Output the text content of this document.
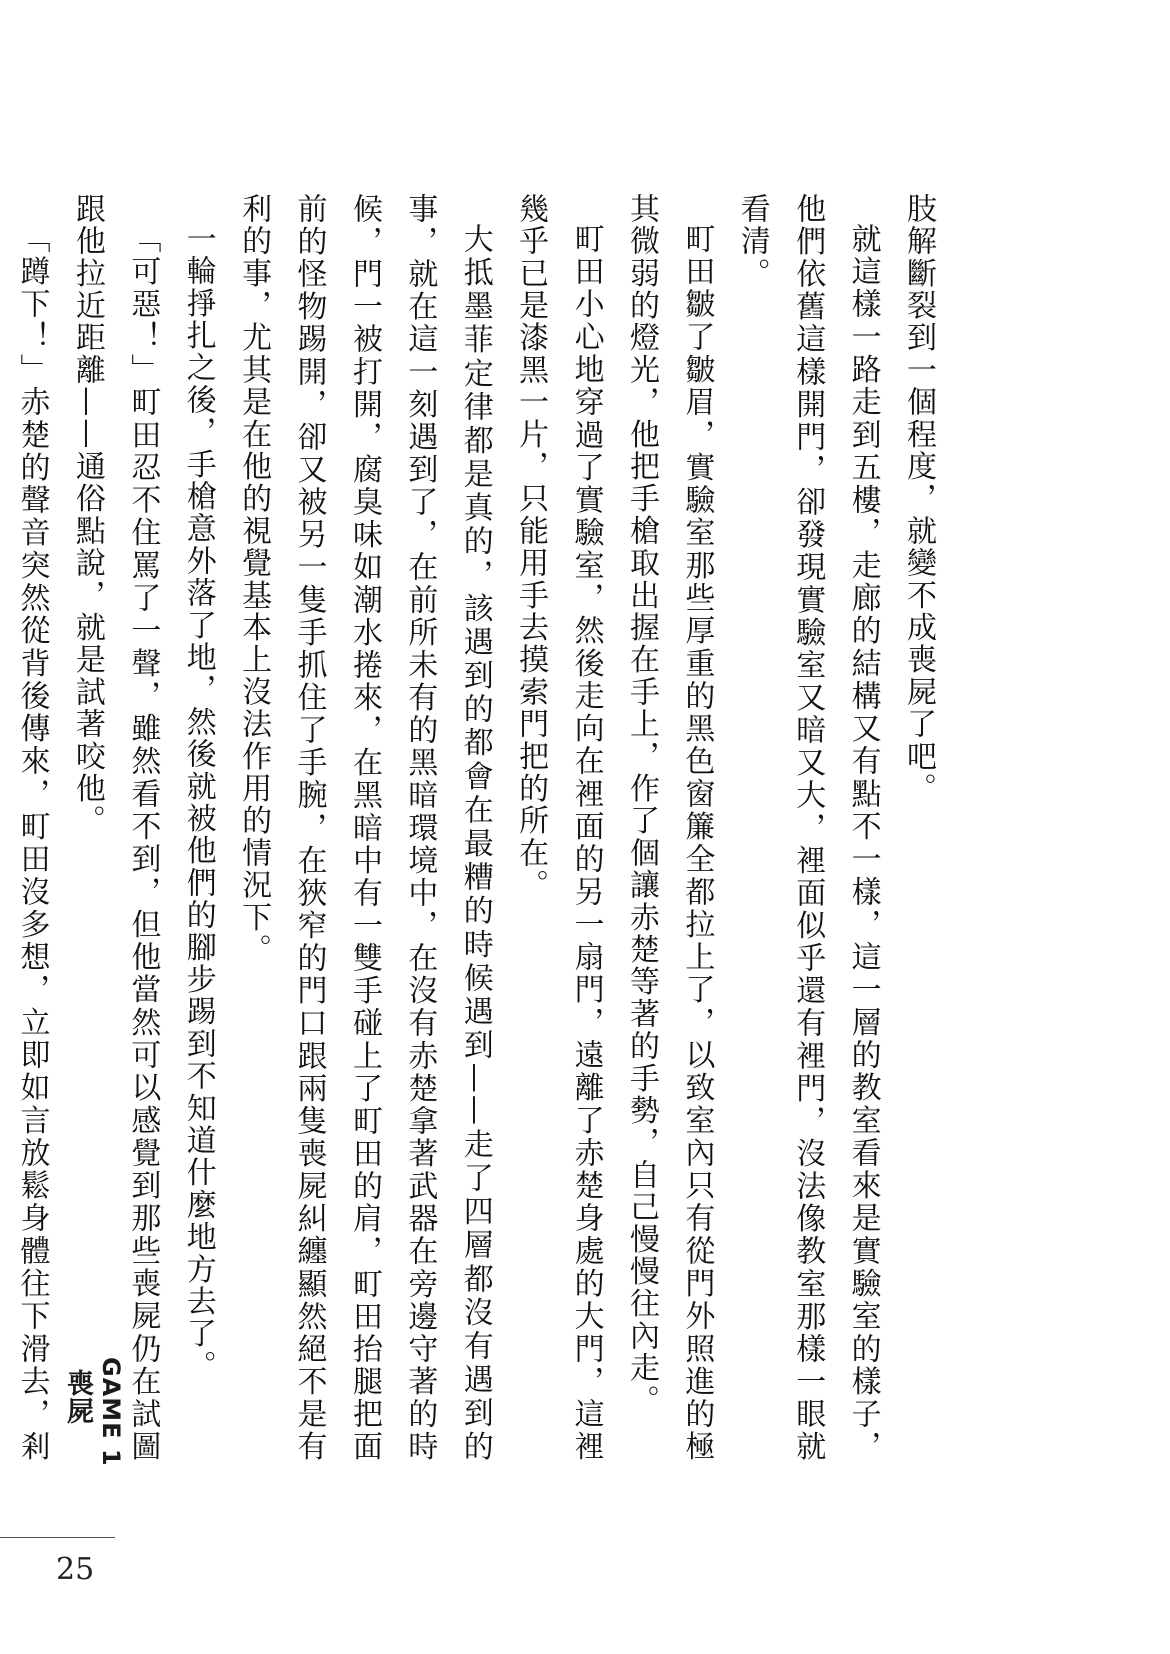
肢解斷裂到一個程度，就變不成喪屍了吧。

就這樣一路走到五樓，走廊的結構又有點不一樣，這一層的教室看來是實驗室的樣子，他們依舊這樣開門，卻發現實驗室又暗又大，裡面似乎還有裡門，沒法像教室那樣一眼就看清。

町田皺了皺眉，實驗室那些厚重的黑色窗簾全都拉上了，以致室內只有從門外照進的極其微弱的燈光，他把手槍取出握在手上，作了個讓赤楚等著的手勢，自己慢慢往內走。

町田小心地穿過了實驗室，然後走向在裡面的另一扇門，遠離了赤楚身處的大門，這裡幾乎已是漆黑一片，只能用手去摸索門把的所在。

大抵墨菲定律都是真的，該遇到的都會在最糟的時候遇到——走了四層都沒有遇到的事，就在這一刻遇到了，在前所未有的黑暗環境中，在沒有赤楚拿著武器在旁邊守著的時候，門一被打開，腐臭味如潮水捲來，在黑暗中有一雙手碰上了町田的肩，町田抬腿把面前的怪物踢開，卻又被另一隻手抓住了手腕，在狹窄的門口跟兩隻喪屍糾纏顯然絕不是有利的事，尤其是在他的視覺基本上沒法作用的情況下。

一輪掙扎之後，手槍意外落了地，然後就被他們的腳步踢到不知道什麼地方去了。

「可惡！」町田忍不住罵了一聲，雖然看不到，但他當然可以感覺到那些喪屍仍在試圖跟他拉近距離——通俗點說，就是試著咬他。

「蹲下！」赤楚的聲音突然從背後傳來，町田沒多想，立即如言放鬆身體往下滑去，剎	GAME 1 喪屍
25
